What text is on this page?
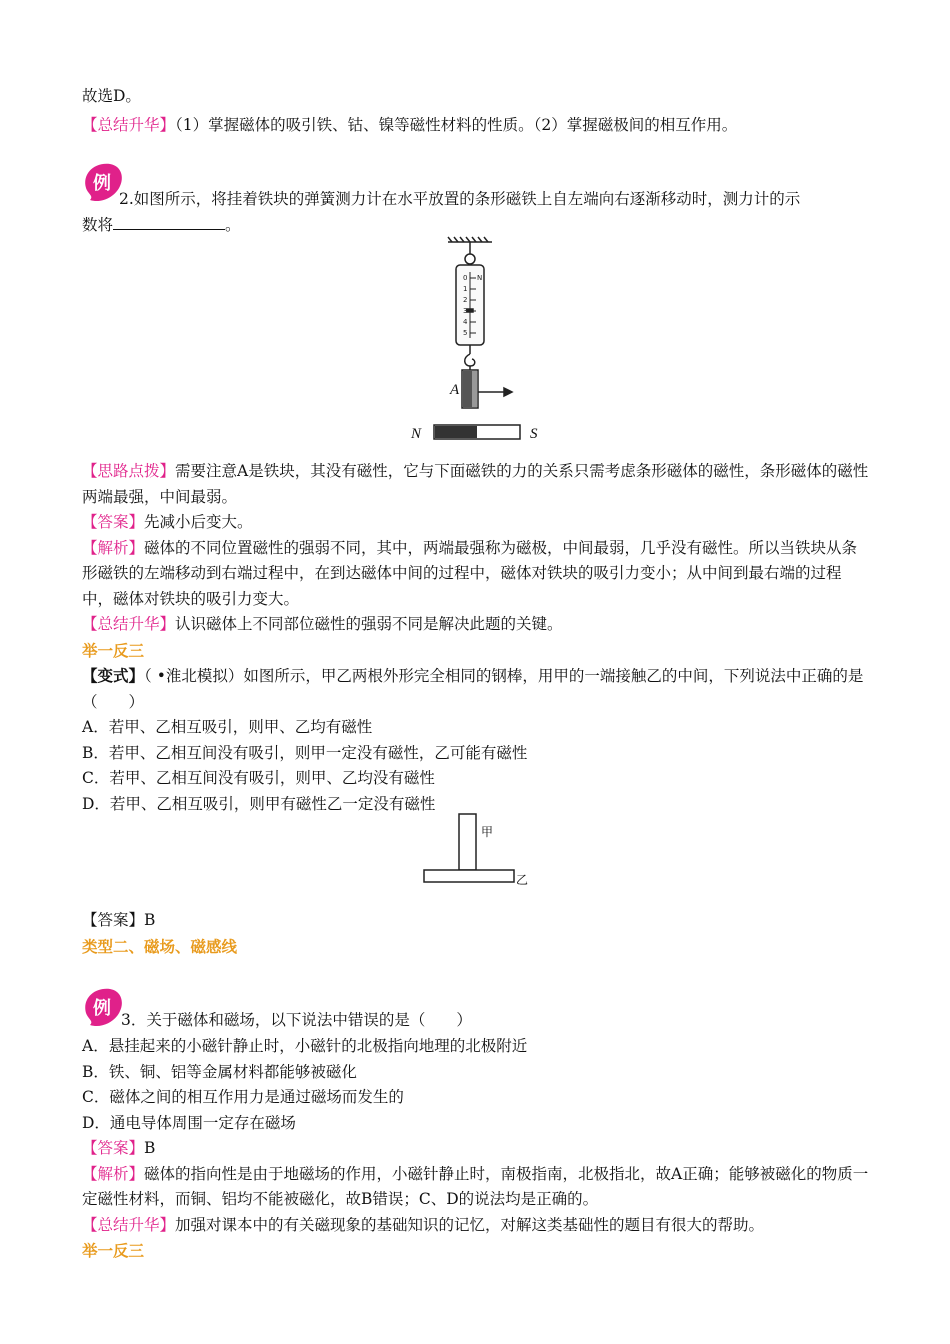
故选D。
【总结升华】（1）掌握磁体的吸引铁、钴、镍等磁性材料的性质。（2）掌握磁极间的相互作用。
例
2.如图所示，将挂着铁块的弹簧测力计在水平放置的条形磁铁上自左端向右逐渐移动时，测力计的示
数将	。
0
1
2
3
4
5
N
A
N	S
【思路点拨】需要注意A是铁块，其没有磁性，它与下面磁铁的力的关系只需考虑条形磁体的磁性，条形磁体的磁性两端最强，中间最弱。
【答案】先减小后变大。
【解析】磁体的不同位置磁性的强弱不同，其中，两端最强称为磁极，中间最弱，几乎没有磁性。所以当铁块从条形磁铁的左端移动到右端过程中，在到达磁体中间的过程中，磁体对铁块的吸引力变小；从中间到最右端的过程中，磁体对铁块的吸引力变大。
【总结升华】认识磁体上不同部位磁性的强弱不同是解决此题的关键。
举一反三
【变式】（ •淮北模拟）如图所示，甲乙两根外形完全相同的钢棒，用甲的一端接触乙的中间，下列说法中正确的是（　　）
A．若甲、乙相互吸引，则甲、乙均有磁性
B．若甲、乙相互间没有吸引，则甲一定没有磁性，乙可能有磁性
C．若甲、乙相互间没有吸引，则甲、乙均没有磁性
D．若甲、乙相互吸引，则甲有磁性乙一定没有磁性
甲
乙
【答案】B
类型二、磁场、磁感线
例
3．关于磁体和磁场，以下说法中错误的是（　　）
A．悬挂起来的小磁针静止时，小磁针的北极指向地理的北极附近
B．铁、铜、铝等金属材料都能够被磁化
C．磁体之间的相互作用力是通过磁场而发生的
D．通电导体周围一定存在磁场
【答案】B
【解析】磁体的指向性是由于地磁场的作用，小磁针静止时，南极指南，北极指北，故A正确；能够被磁化的物质一定磁性材料，而铜、铝均不能被磁化，故B错误；C、D的说法均是正确的。
【总结升华】加强对课本中的有关磁现象的基础知识的记忆，对解这类基础性的题目有很大的帮助。
举一反三
